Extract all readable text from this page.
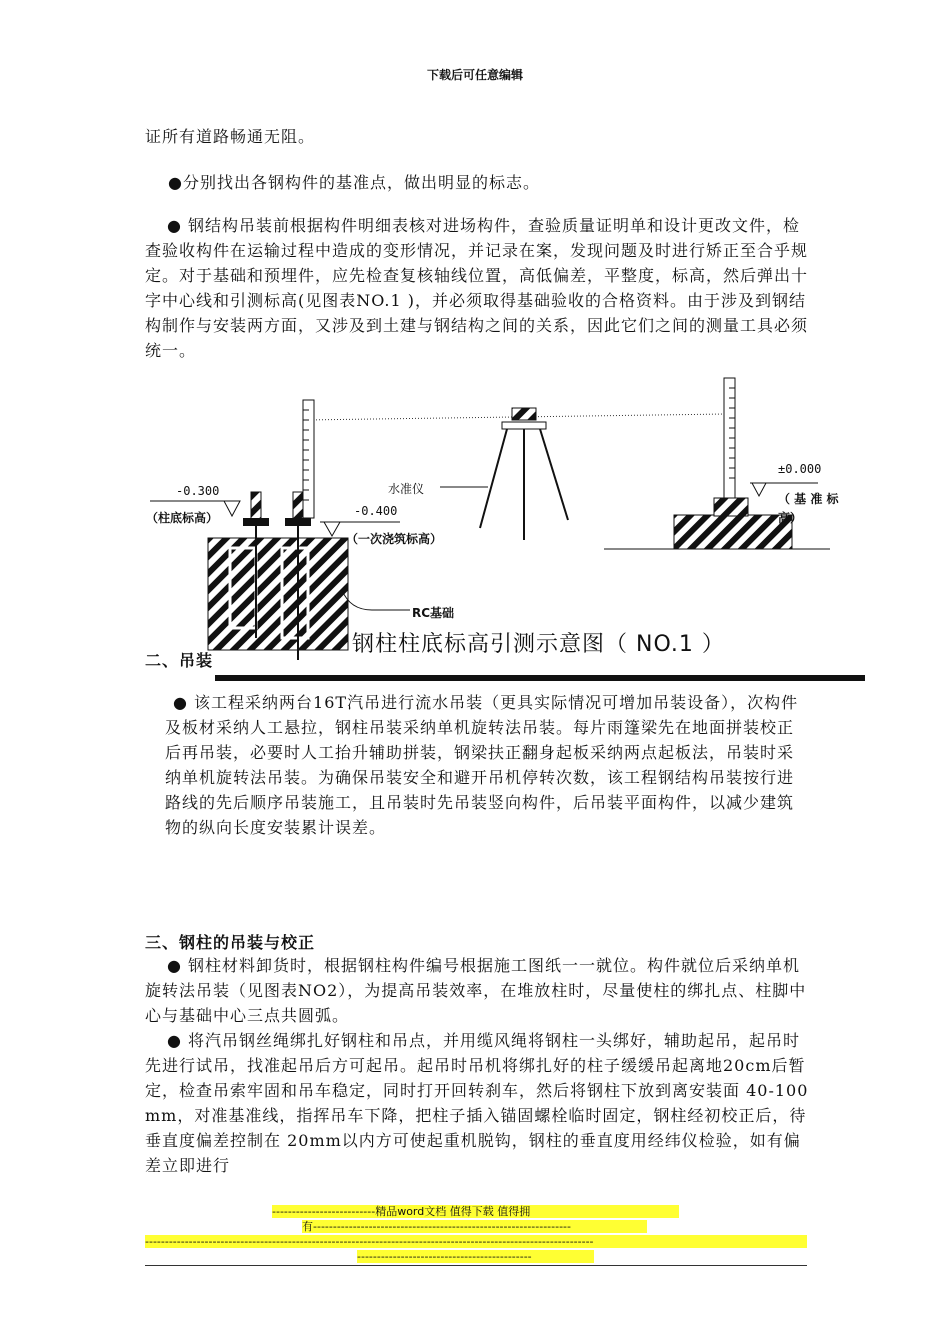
下载后可任意编辑

证所有道路畅通无阻。

●分别找出各钢构件的基准点，做出明显的标志。

● 钢结构吊装前根据构件明细表核对进场构件，查验质量证明单和设计更改文件，检查验收构件在运输过程中造成的变形情况，并记录在案，发现问题及时进行矫正至合乎规定。对于基础和预埋件，应先检查复核轴线位置，高低偏差，平整度，标高，然后弹出十字中心线和引测标高(见图表NO.1 )，并必须取得基础验收的合格资料。由于涉及到钢结构制作与安装两方面，又涉及到土建与钢结构之间的关系，因此它们之间的测量工具必须统一。

水准仪
-0.300
（柱底标高）	-0.400
（一次浇筑标高）
RC基础
±0.000
（ 基 准 标 高）
钢柱柱底标高引测示意图（ NO.1 ）
二、吊装

● 该工程采纳两台16T汽吊进行流水吊装（更具实际情况可增加吊装设备），次构件及板材采纳人工悬拉，钢柱吊装采纳单机旋转法吊装。每片雨篷梁先在地面拼装校正后再吊装，必要时人工抬升辅助拼装，钢梁扶正翻身起板采纳两点起板法，吊装时采纳单机旋转法吊装。为确保吊装安全和避开吊机停转次数，该工程钢结构吊装按行进路线的先后顺序吊装施工，且吊装时先吊装竖向构件，后吊装平面构件，以减少建筑物的纵向长度安装累计误差。

三、钢柱的吊装与校正

● 钢柱材料卸货时，根据钢柱构件编号根据施工图纸一一就位。构件就位后采纳单机旋转法吊装（见图表NO2），为提高吊装效率，在堆放柱时，尽量使柱的绑扎点、柱脚中心与基础中心三点共圆弧。

● 将汽吊钢丝绳绑扎好钢柱和吊点，并用缆风绳将钢柱一头绑好，辅助起吊，起吊时先进行试吊，找准起吊后方可起吊。起吊时吊机将绑扎好的柱子缓缓吊起离地20cm后暂定，检查吊索牢固和吊车稳定，同时打开回转刹车，然后将钢柱下放到离安装面 40-100 mm，对准基准线，指挥吊车下降，把柱子插入锚固螺栓临时固定，钢柱经初校正后，待垂直度偏差控制在 20mm以内方可使起重机脱钩，钢柱的垂直度用经纬仪检验，如有偏差立即进行

--------------------------精品word文档 值得下载 值得拥
有-----------------------------------------------------------------
-----------------------------------------------------------------------------------------------------------------
--------------------------------------------
